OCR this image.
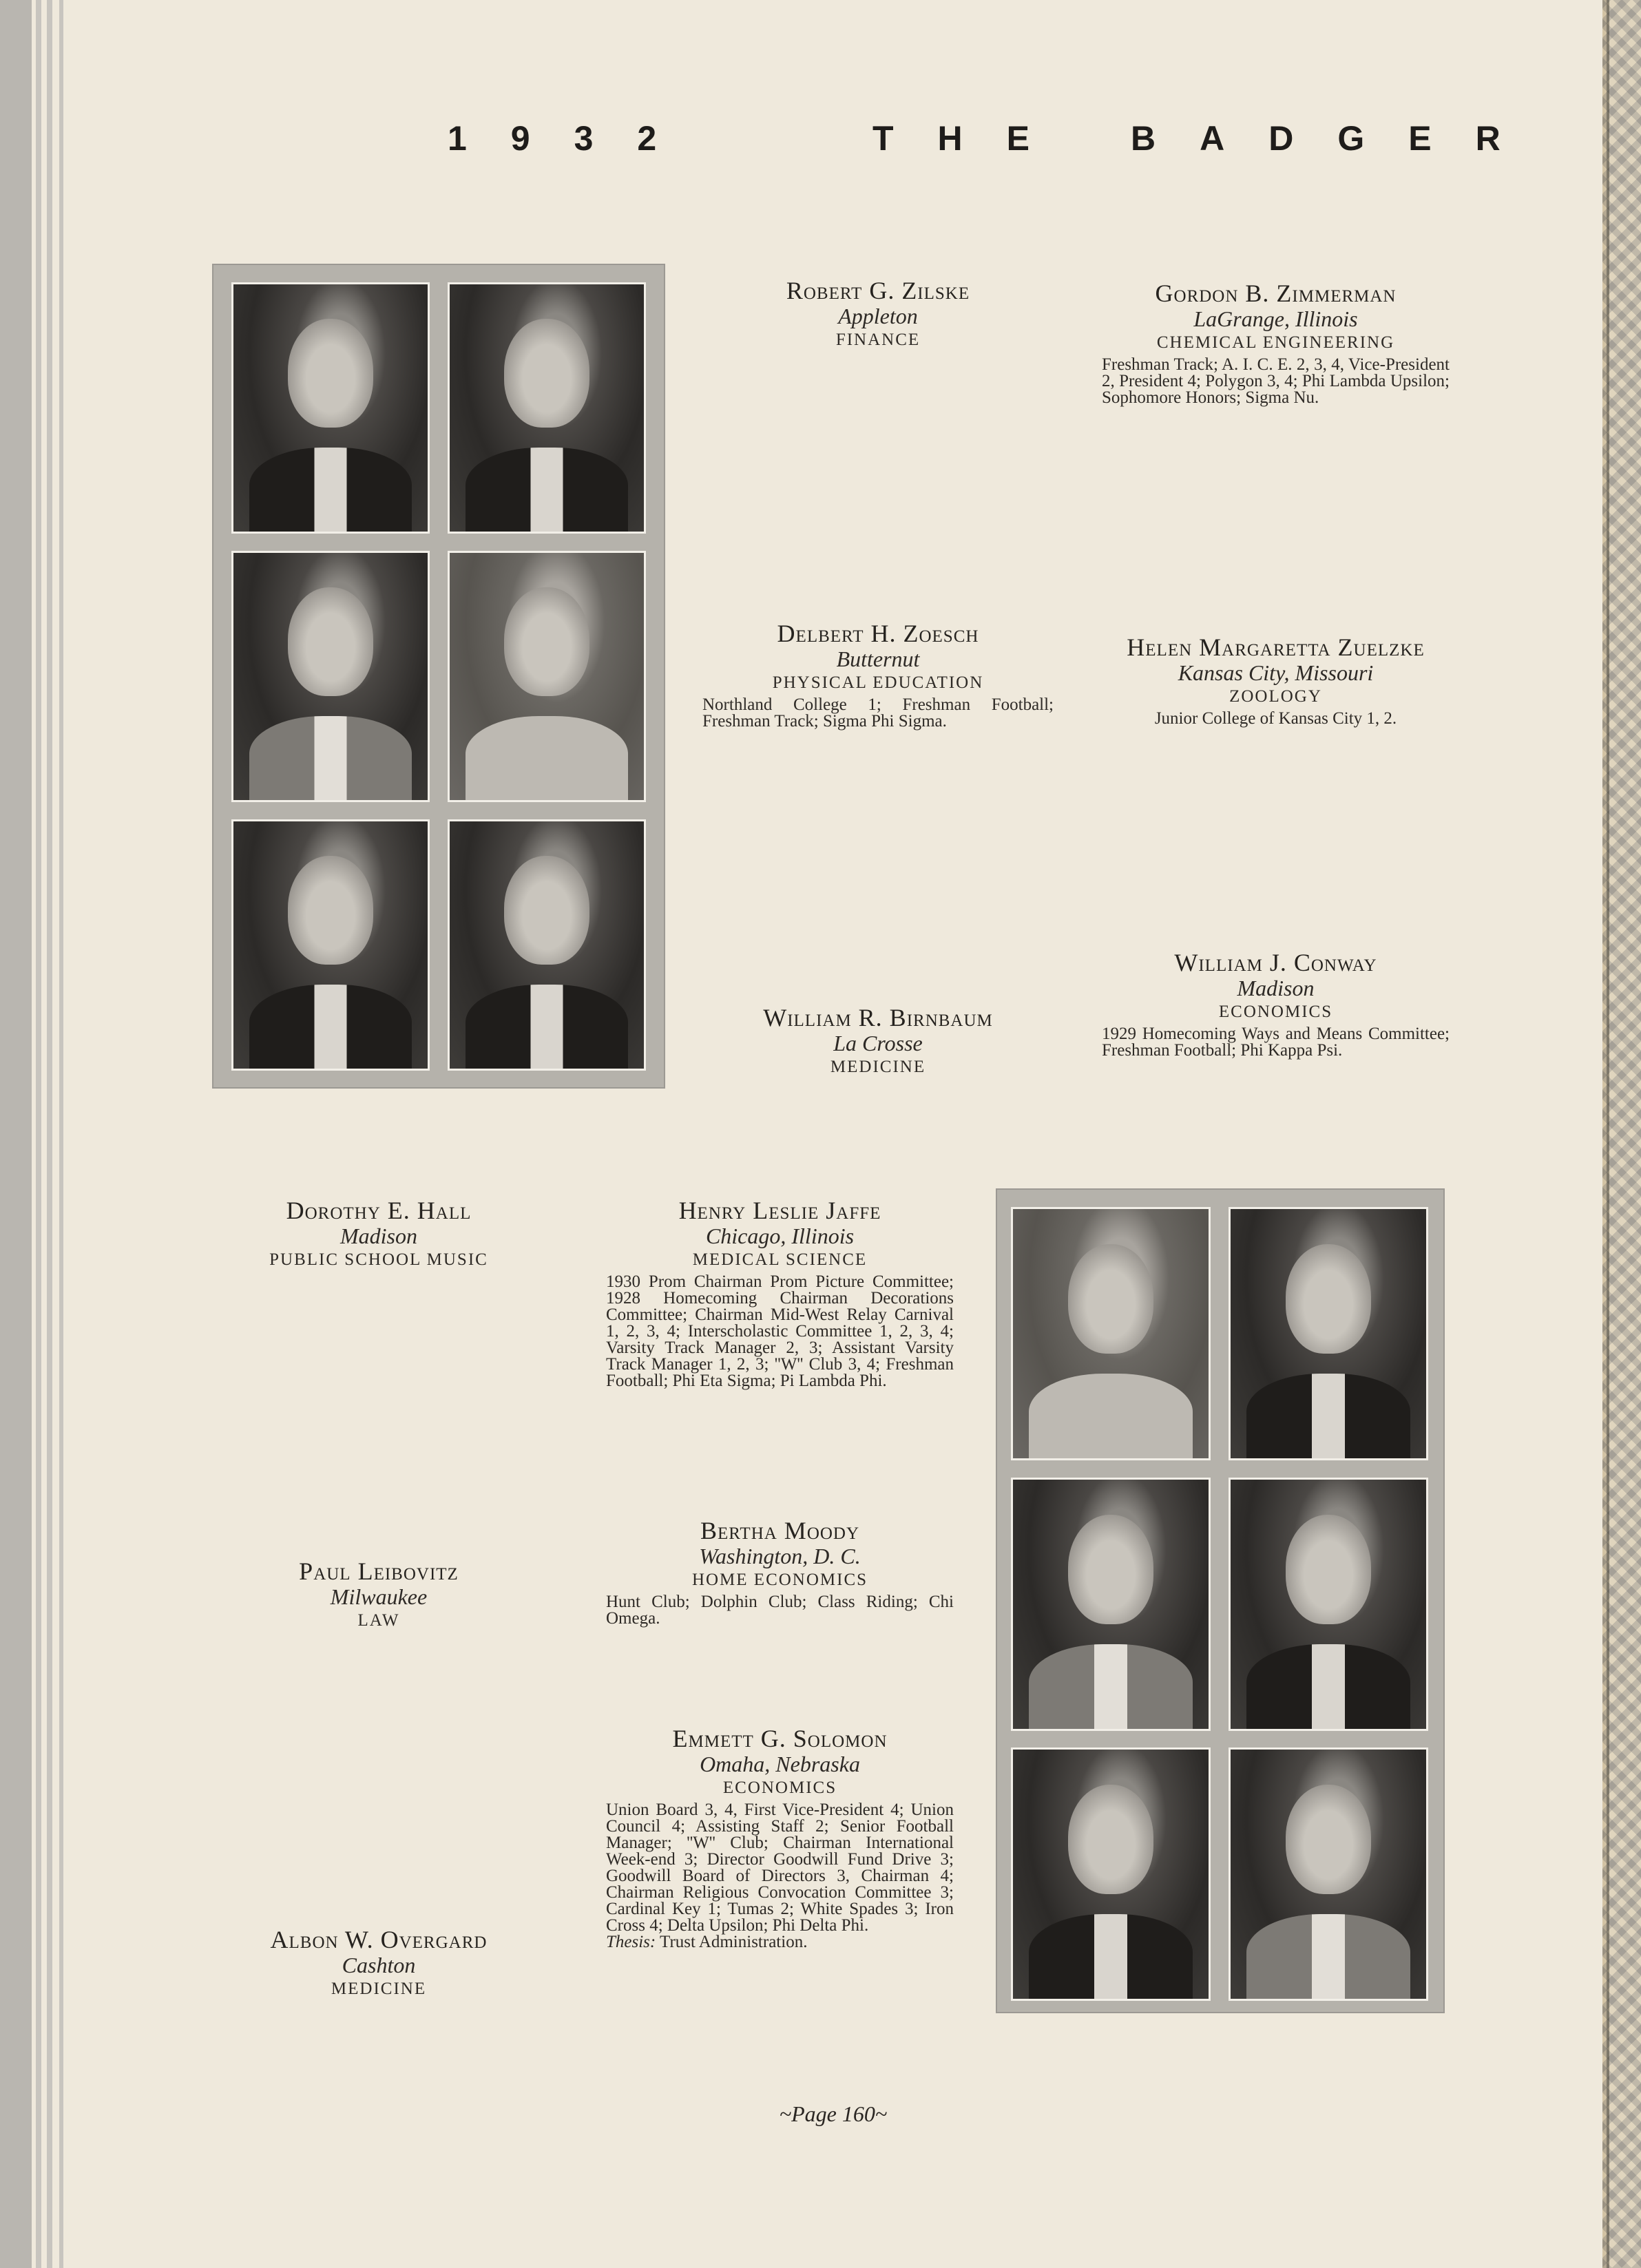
1932	THE BADGER
Robert G. Zilske
Appleton
FINANCE
Gordon B. Zimmerman
LaGrange, Illinois
CHEMICAL ENGINEERING
Freshman Track; A. I. C. E. 2, 3, 4, Vice-President 2, President 4; Polygon 3, 4; Phi Lambda Upsilon; Sophomore Honors; Sigma Nu.
Delbert H. Zoesch
Butternut
PHYSICAL EDUCATION
Northland College 1; Freshman Football; Freshman Track; Sigma Phi Sigma.
Helen Margaretta Zuelzke
Kansas City, Missouri
ZOOLOGY
Junior College of Kansas City 1, 2.
William J. Conway
Madison
ECONOMICS
1929 Homecoming Ways and Means Committee; Freshman Football; Phi Kappa Psi.
William R. Birnbaum
La Crosse
MEDICINE
Dorothy E. Hall
Madison
PUBLIC SCHOOL MUSIC
Henry Leslie Jaffe
Chicago, Illinois
MEDICAL SCIENCE
1930 Prom Chairman Prom Picture Committee; 1928 Homecoming Chairman Decorations Committee; Chairman Mid-West Relay Carnival 1, 2, 3, 4; Interscholastic Committee 1, 2, 3, 4; Varsity Track Manager 2, 3; Assistant Varsity Track Manager 1, 2, 3; ''W'' Club 3, 4; Freshman Football; Phi Eta Sigma; Pi Lambda Phi.
Bertha Moody
Washington, D. C.
HOME ECONOMICS
Hunt Club; Dolphin Club; Class Riding; Chi Omega.
Paul Leibovitz
Milwaukee
LAW
Emmett G. Solomon
Omaha, Nebraska
ECONOMICS
Union Board 3, 4, First Vice-President 4; Union Council 4; Assisting Staff 2; Senior Football Manager; ''W'' Club; Chairman International Week-end 3; Director Goodwill Fund Drive 3; Goodwill Board of Directors 3, Chairman 4; Chairman Religious Convocation Committee 3; Cardinal Key 1; Tumas 2; White Spades 3; Iron Cross 4; Delta Upsilon; Phi Delta Phi.
Thesis: Trust Administration.
Albon W. Overgard
Cashton
MEDICINE
~Page 160~
